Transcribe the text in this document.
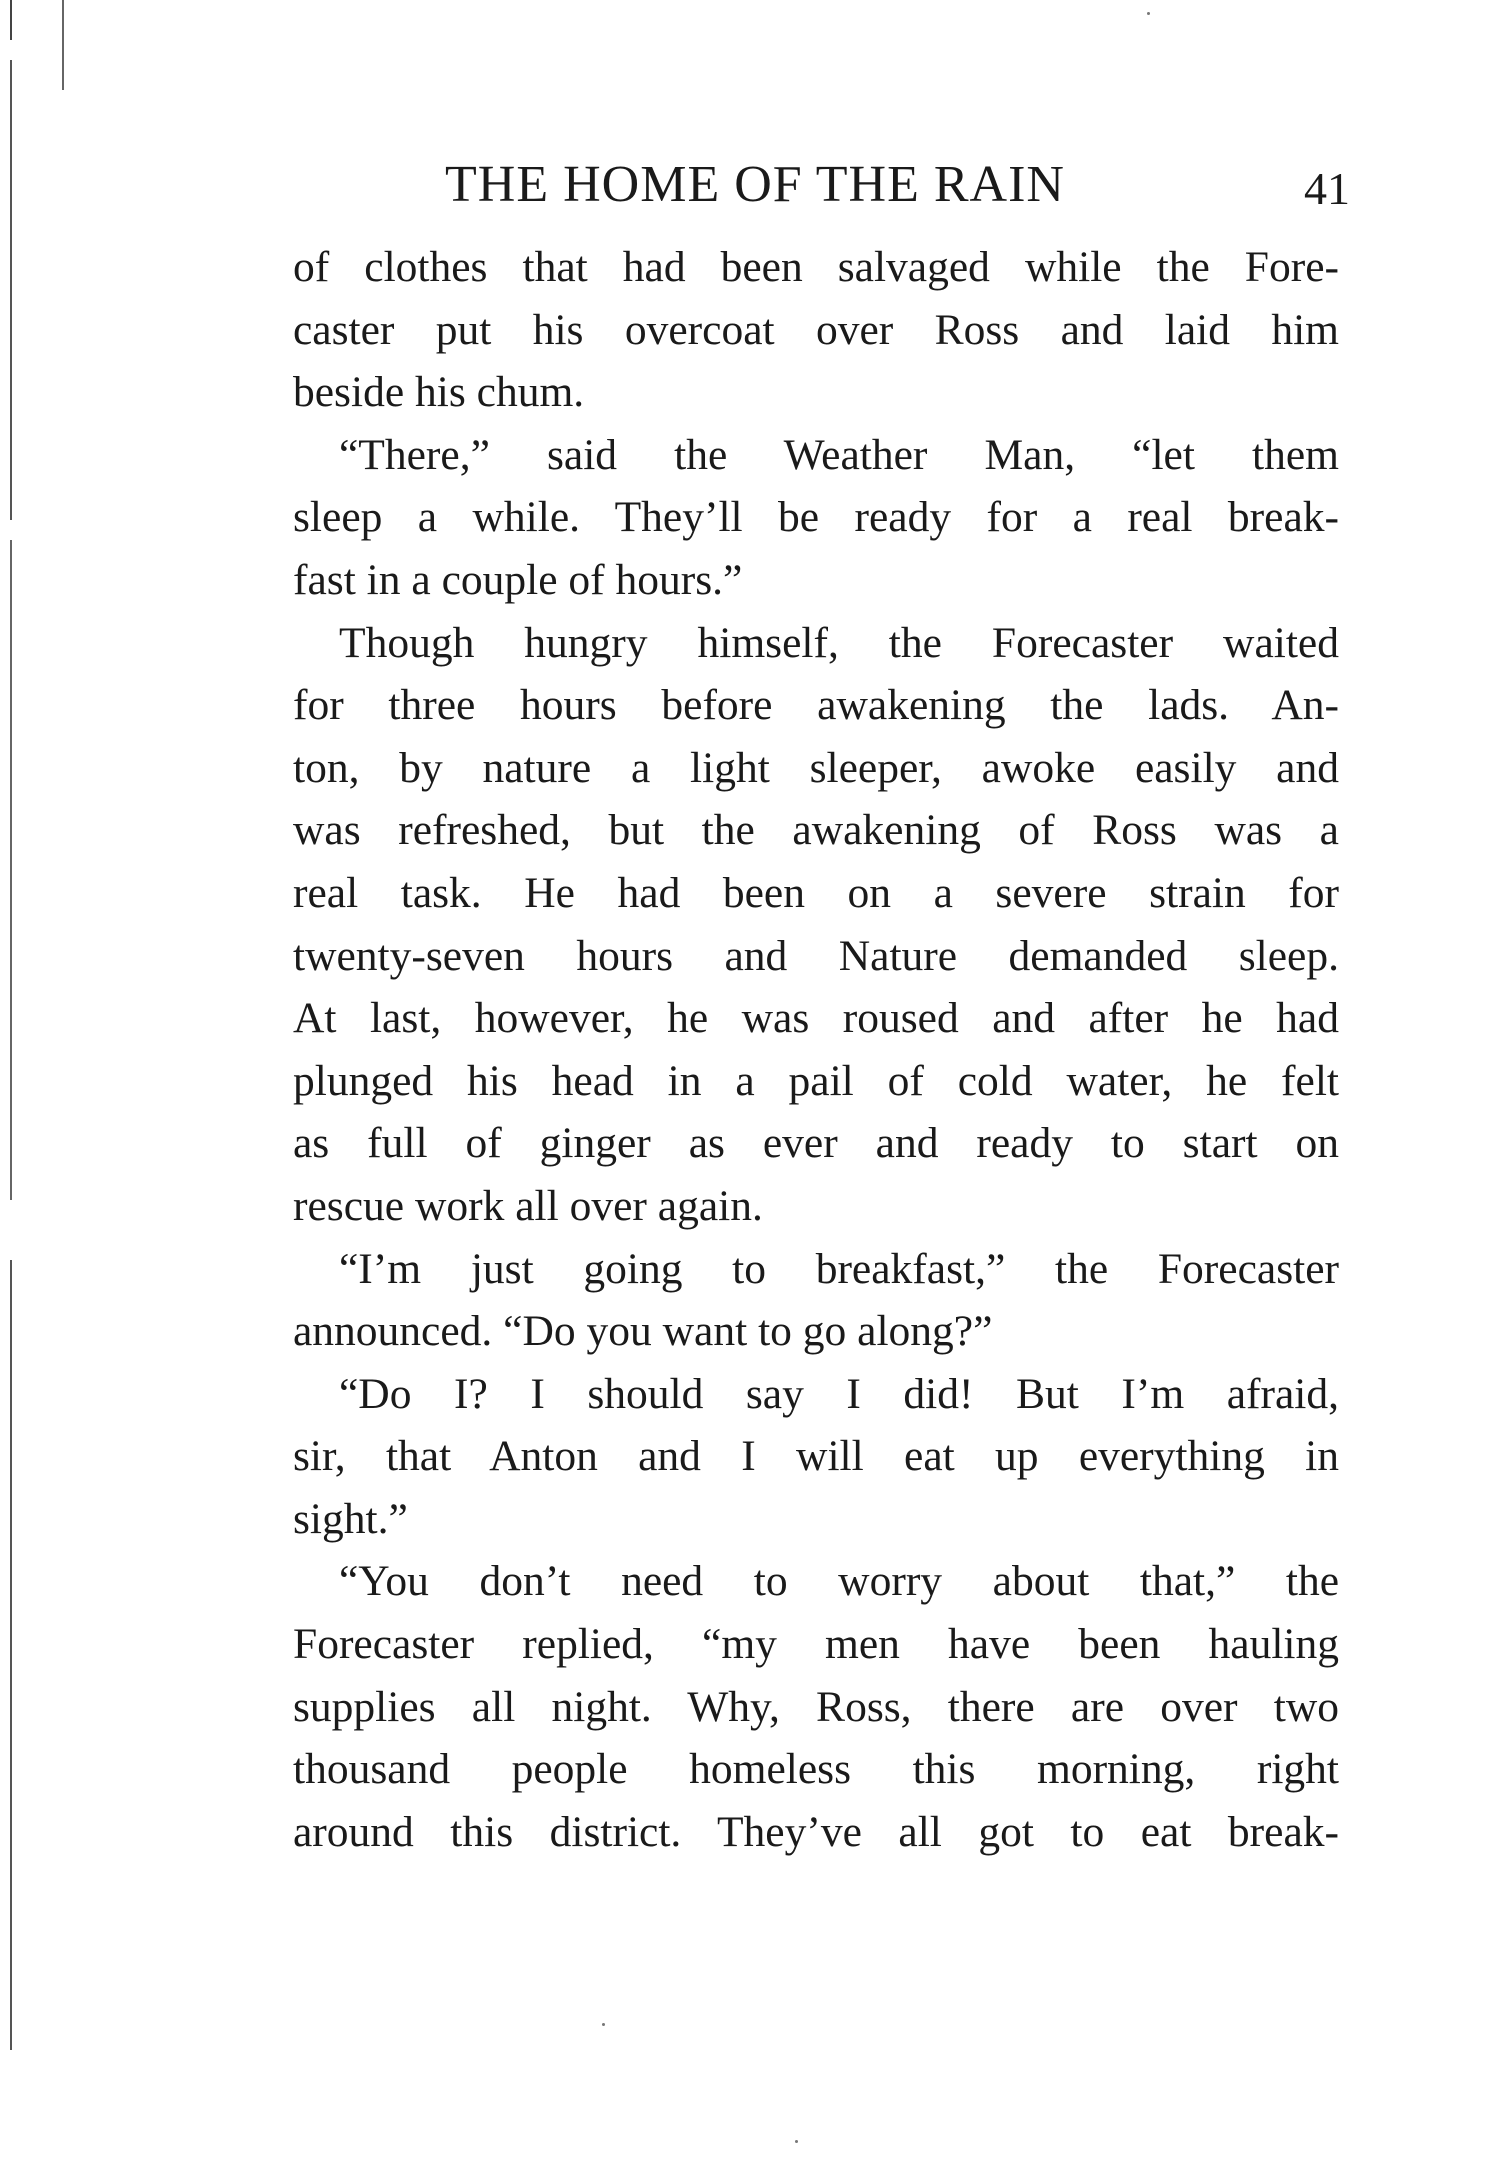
THE HOME OF THE RAIN	41
of clothes that had been salvaged while the Fore-
caster put his overcoat over Ross and laid him
beside his chum.
“There,” said the Weather Man, “let them
sleep a while. They’ll be ready for a real break-
fast in a couple of hours.”
Though hungry himself, the Forecaster waited
for three hours before awakening the lads. An-
ton, by nature a light sleeper, awoke easily and
was refreshed, but the awakening of Ross was a
real task. He had been on a severe strain for
twenty-seven hours and Nature demanded sleep.
At last, however, he was roused and after he had
plunged his head in a pail of cold water, he felt
as full of ginger as ever and ready to start on
rescue work all over again.
“I’m just going to breakfast,” the Forecaster
announced. “Do you want to go along?”
“Do I? I should say I did! But I’m afraid,
sir, that Anton and I will eat up everything in
sight.”
“You don’t need to worry about that,” the
Forecaster replied, “my men have been hauling
supplies all night. Why, Ross, there are over two
thousand people homeless this morning, right
around this district. They’ve all got to eat break-
